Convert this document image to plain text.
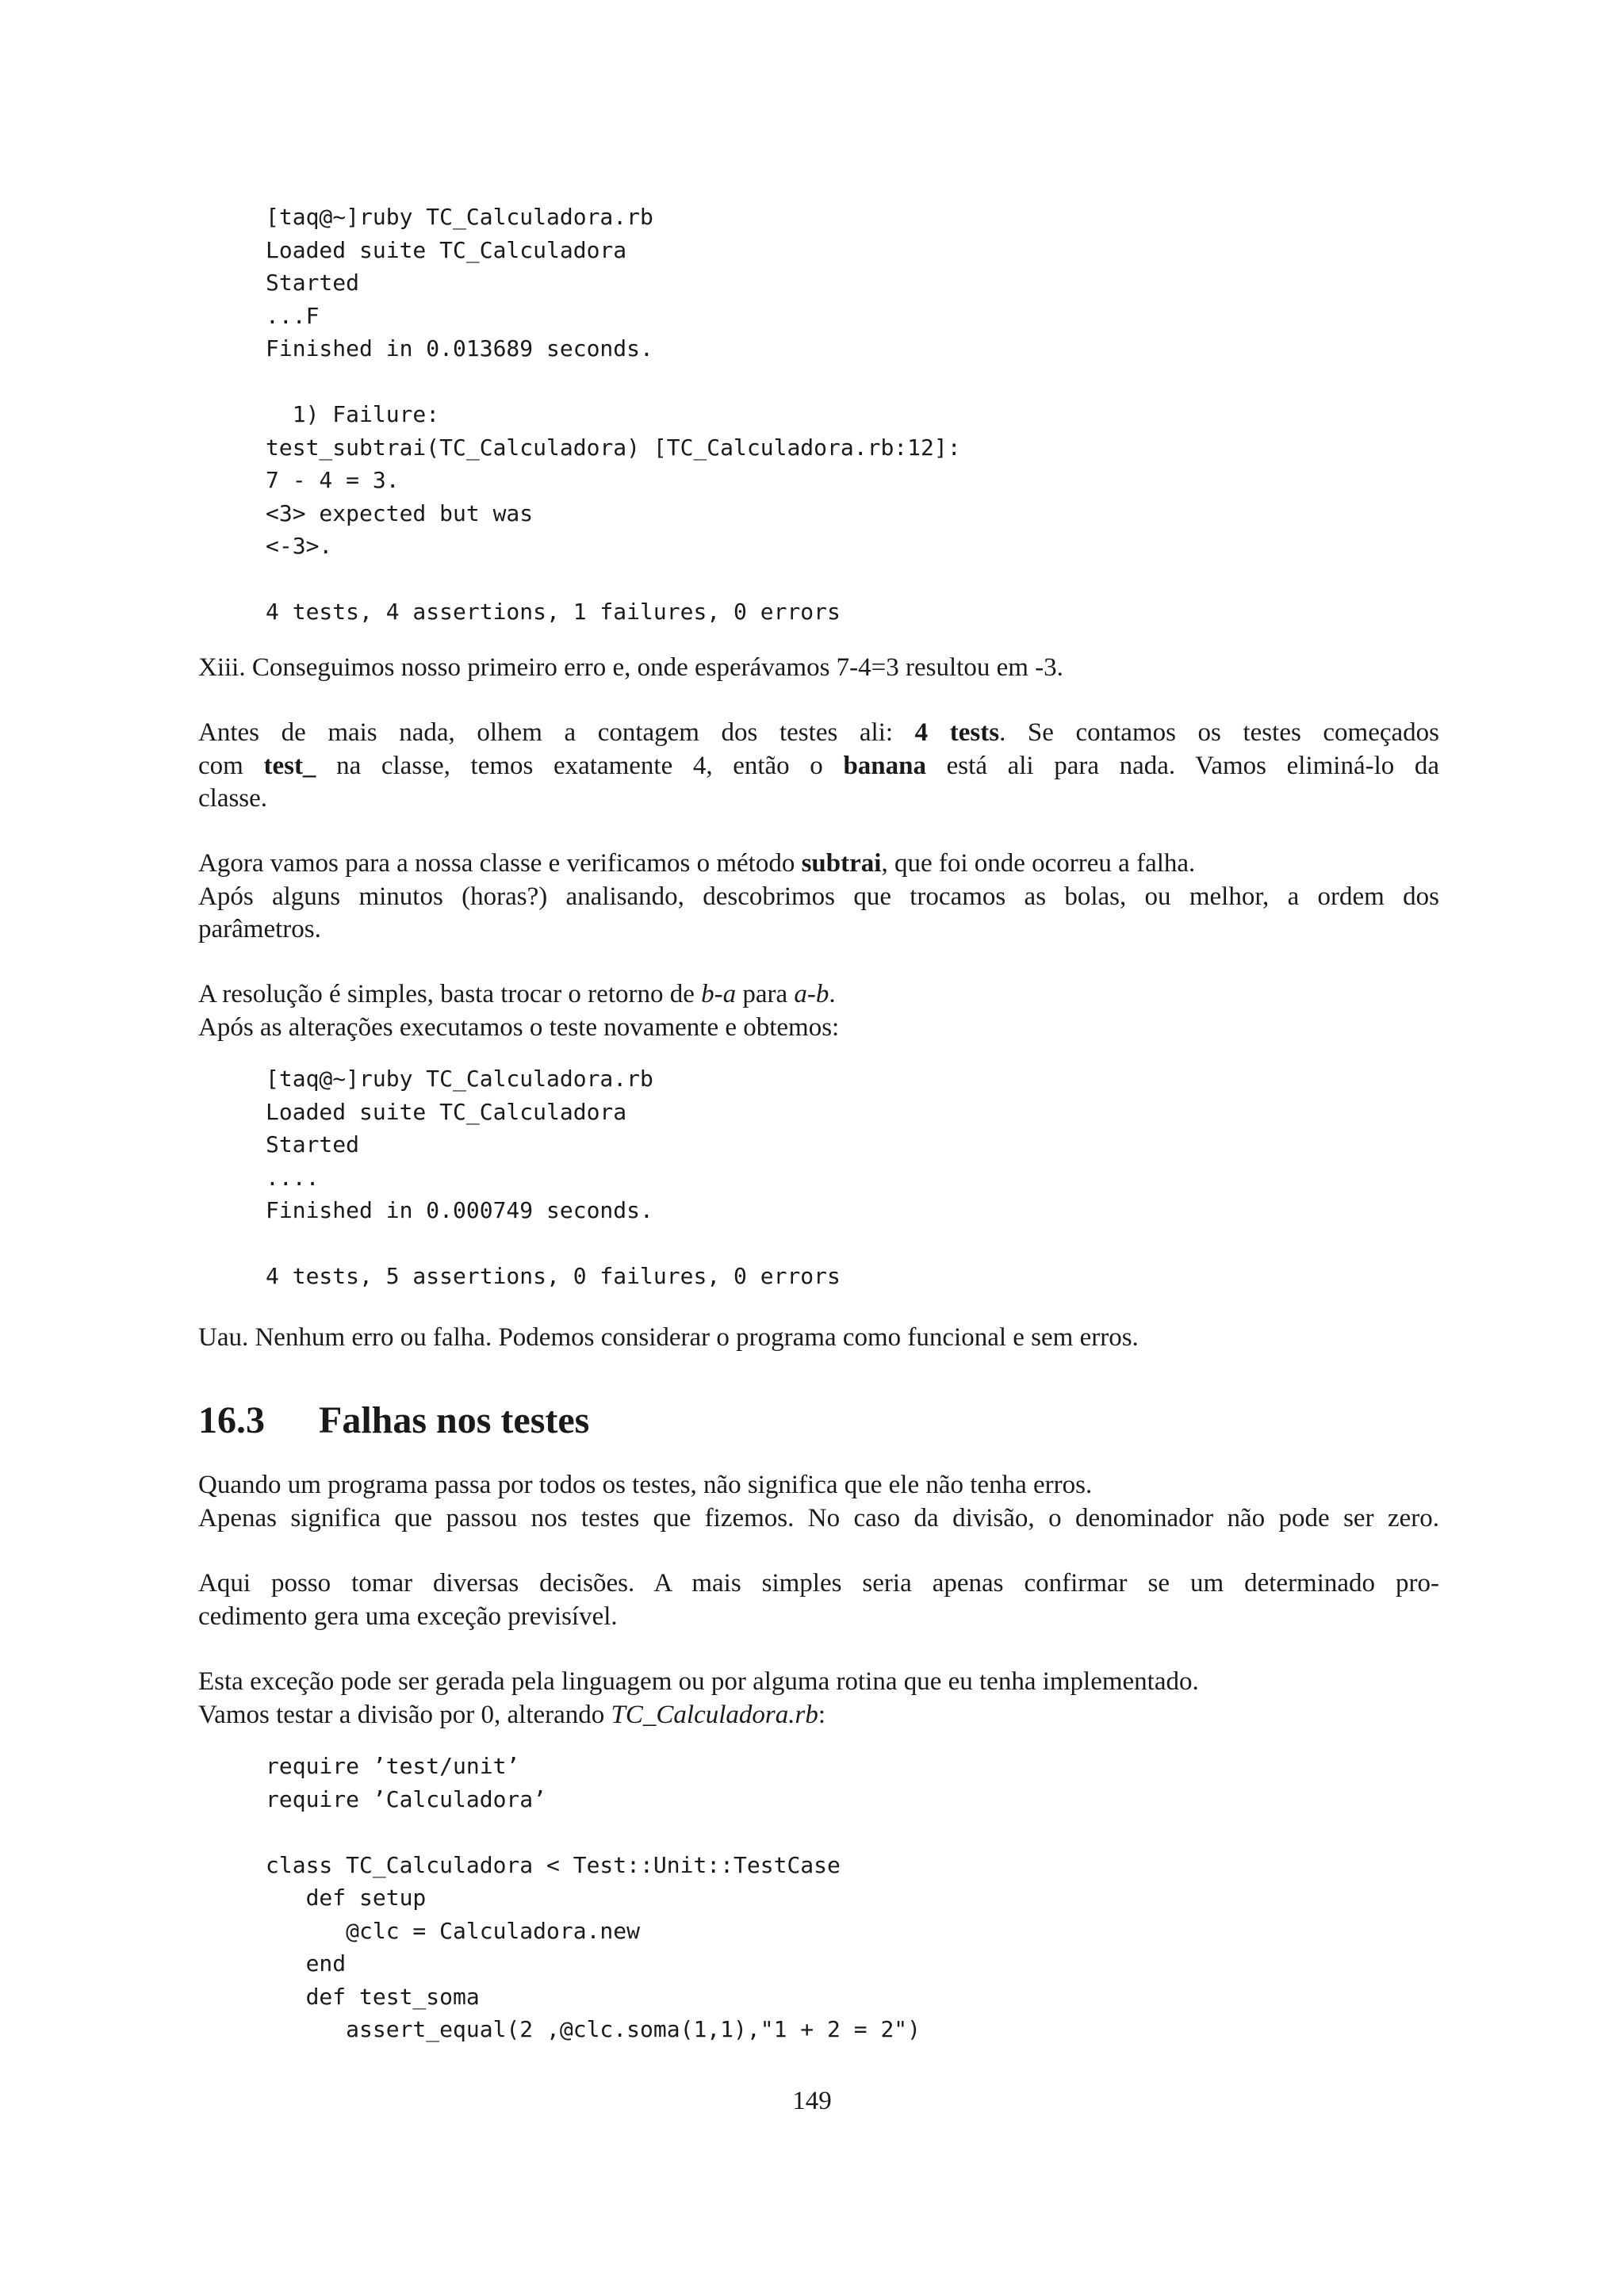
[taq@~]ruby TC_Calculadora.rb
Loaded suite TC_Calculadora
Started
...F
Finished in 0.013689 seconds.
1) Failure:
test_subtrai(TC_Calculadora) [TC_Calculadora.rb:12]:
7 - 4 = 3.
<3> expected but was
<-3>.
4 tests, 4 assertions, 1 failures, 0 errors

Xiii. Conseguimos nosso primeiro erro e, onde esperávamos 7-4=3 resultou em -3.

Antes de mais nada, olhem a contagem dos testes ali: 4 tests. Se contamos os testes começados
com test_ na classe, temos exatamente 4, então o banana está ali para nada. Vamos eliminá-lo da
classe.

Agora vamos para a nossa classe e verificamos o método subtrai, que foi onde ocorreu a falha.
Após alguns minutos (horas?) analisando, descobrimos que trocamos as bolas, ou melhor, a ordem dos
parâmetros.

A resolução é simples, basta trocar o retorno de b-a para a-b.
Após as alterações executamos o teste novamente e obtemos:

[taq@~]ruby TC_Calculadora.rb
Loaded suite TC_Calculadora
Started
....
Finished in 0.000749 seconds.
4 tests, 5 assertions, 0 failures, 0 errors

Uau. Nenhum erro ou falha. Podemos considerar o programa como funcional e sem erros.

16.3 Falhas nos testes

Quando um programa passa por todos os testes, não significa que ele não tenha erros.
Apenas significa que passou nos testes que fizemos. No caso da divisão, o denominador não pode ser zero.

Aqui posso tomar diversas decisões. A mais simples seria apenas confirmar se um determinado pro-
cedimento gera uma exceção previsível.

Esta exceção pode ser gerada pela linguagem ou por alguma rotina que eu tenha implementado.
Vamos testar a divisão por 0, alterando TC_Calculadora.rb:

require ’test/unit’
require ’Calculadora’
class TC_Calculadora < Test::Unit::TestCase
def setup
@clc = Calculadora.new
end
def test_soma
assert_equal(2 ,@clc.soma(1,1),"1 + 2 = 2")
149
